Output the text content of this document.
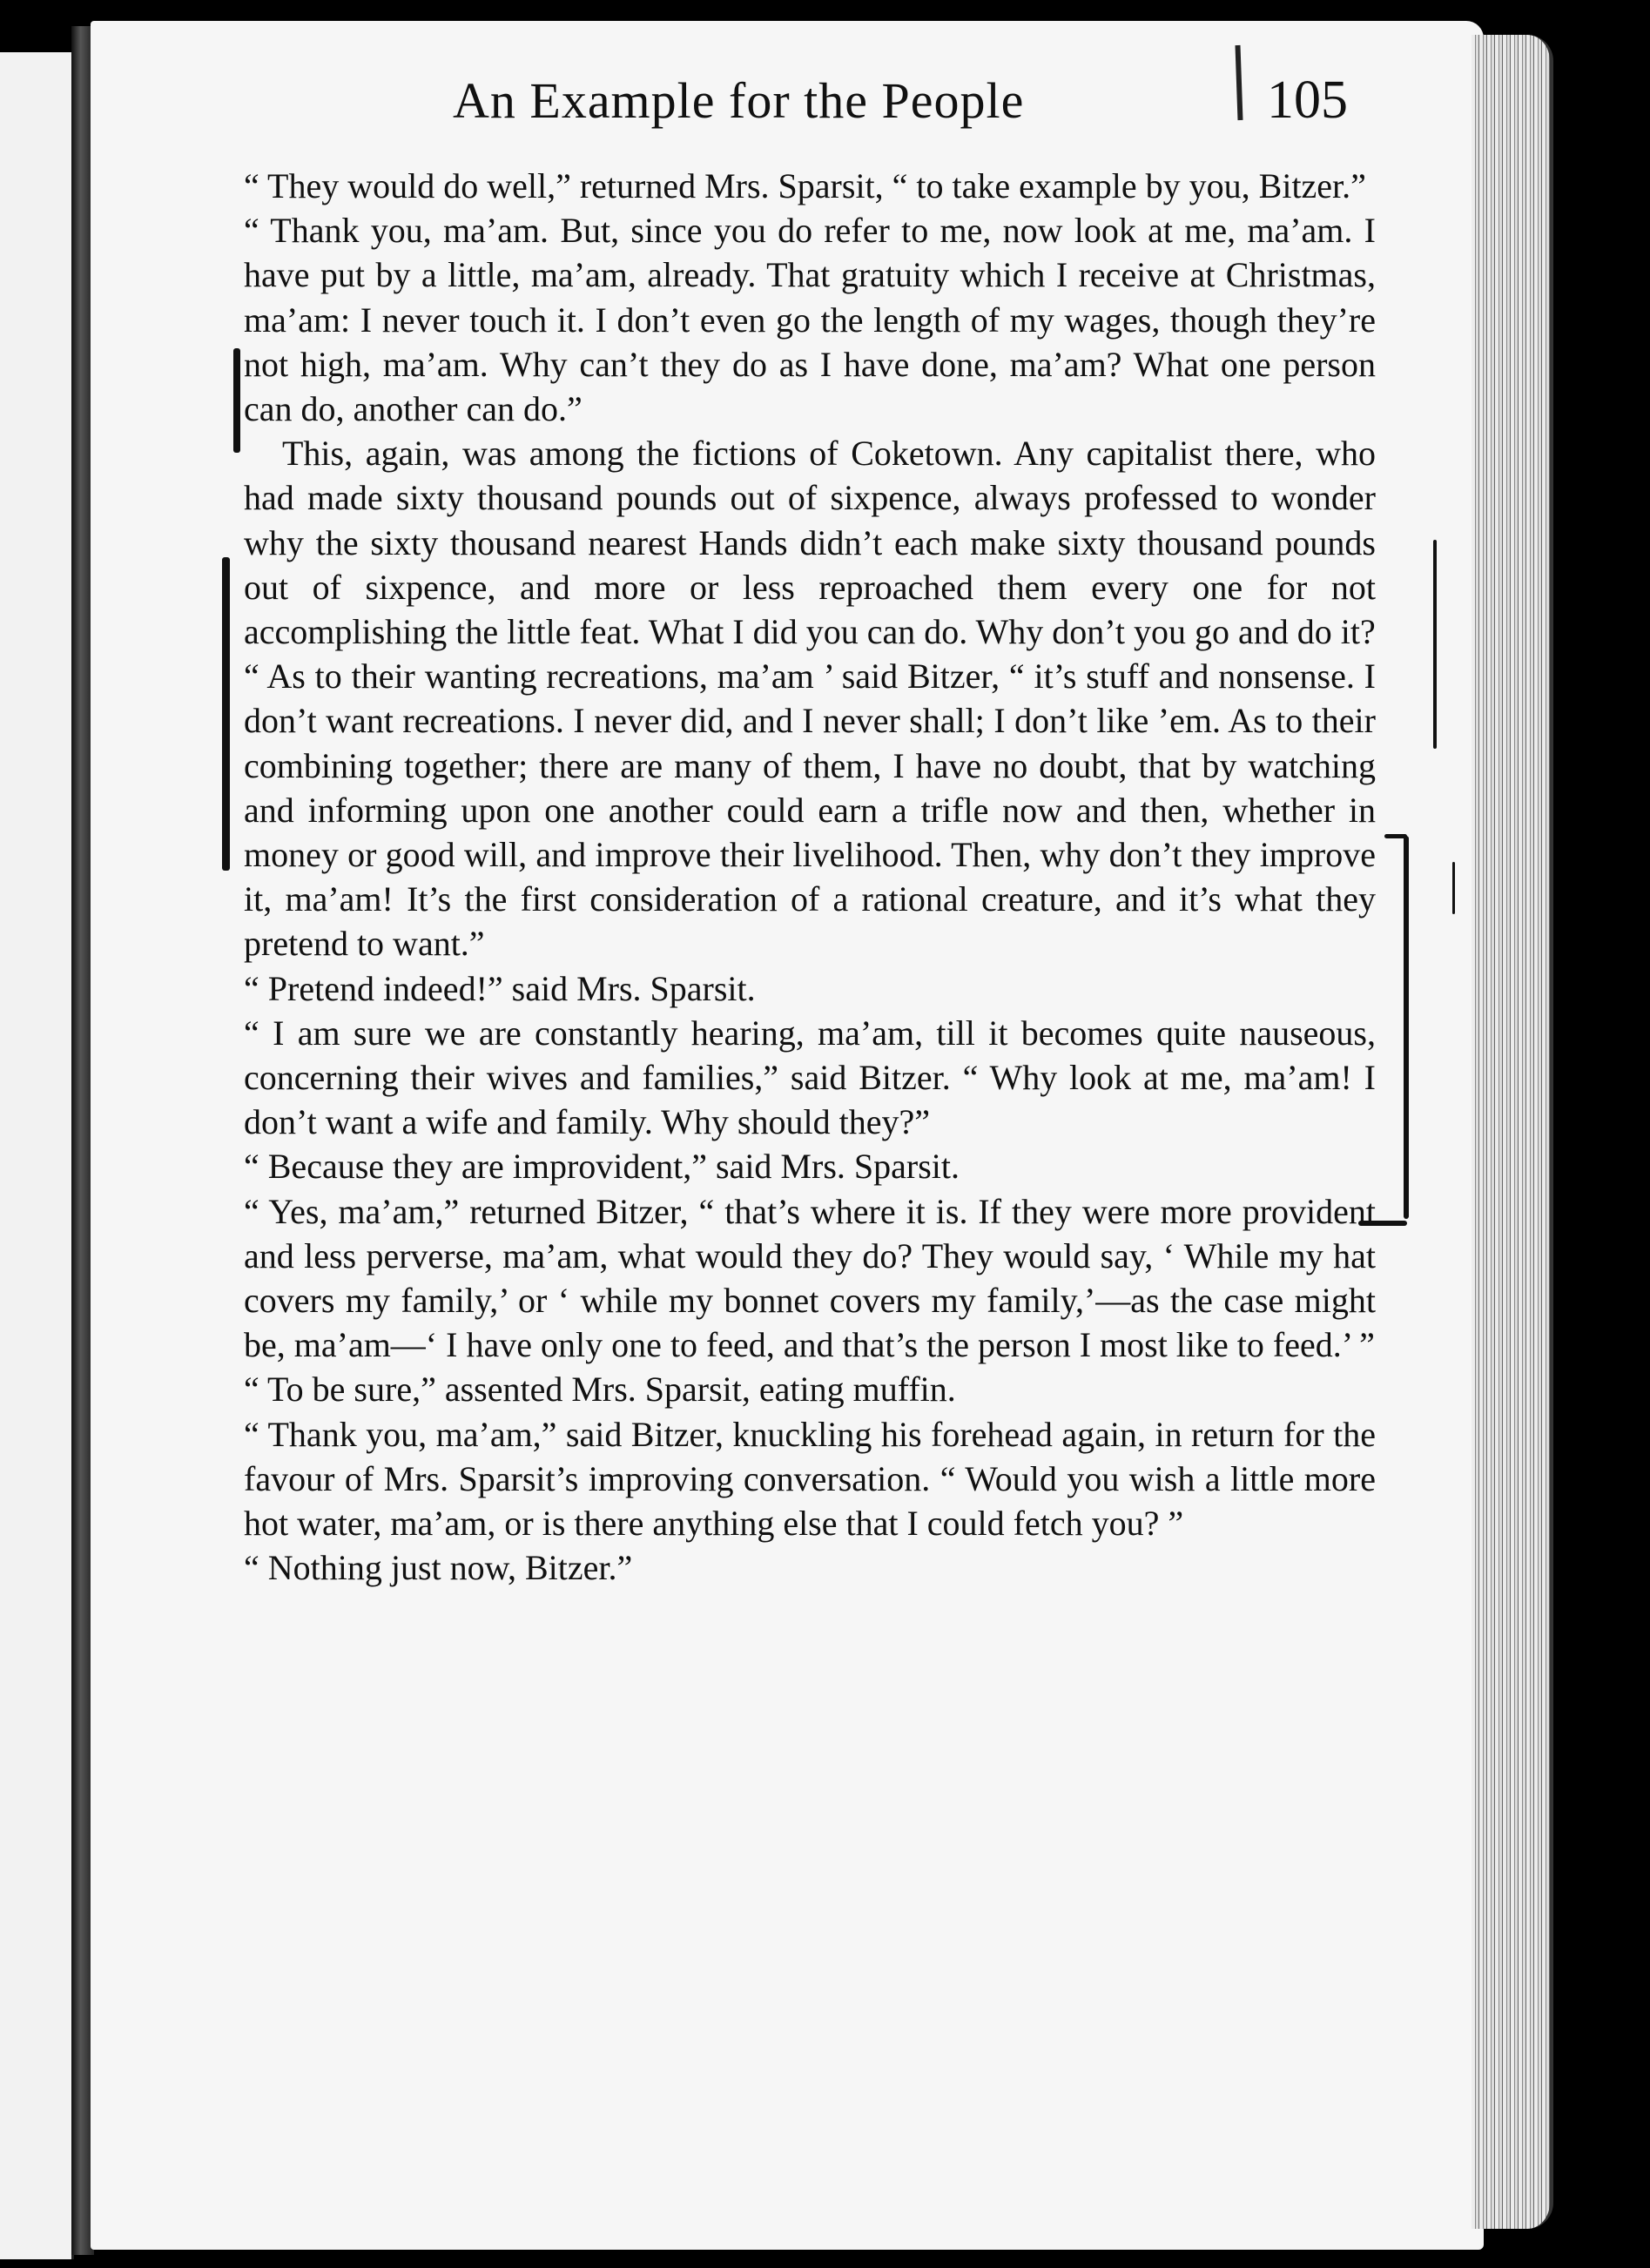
An Example for the People	105

“ They would do well,” returned Mrs. Sparsit, “ to take example by you, Bitzer.”

“ Thank you, ma’am. But, since you do refer to me, now look at me, ma’am. I have put by a little, ma’am, already. That gratuity which I receive at Christmas, ma’am: I never touch it. I don’t even go the length of my wages, though they’re not high, ma’am. Why can’t they do as I have done, ma’am? What one person can do, another can do.”

This, again, was among the fictions of Coketown. Any capitalist there, who had made sixty thousand pounds out of sixpence, always professed to wonder why the sixty thousand nearest Hands didn’t each make sixty thousand pounds out of sixpence, and more or less reproached them every one for not accomplishing the little feat. What I did you can do. Why don’t you go and do it?

“ As to their wanting recreations, ma’am ’ said Bitzer, “ it’s stuff and nonsense. I don’t want recreations. I never did, and I never shall; I don’t like ’em. As to their combining together; there are many of them, I have no doubt, that by watching and informing upon one another could earn a trifle now and then, whether in money or good will, and improve their livelihood. Then, why don’t they improve it, ma’am! It’s the first consideration of a rational creature, and it’s what they pretend to want.”

“ Pretend indeed!” said Mrs. Sparsit.

“ I am sure we are constantly hearing, ma’am, till it becomes quite nauseous, concerning their wives and families,” said Bitzer. “ Why look at me, ma’am! I don’t want a wife and family. Why should they?”

“ Because they are improvident,” said Mrs. Sparsit.

“ Yes, ma’am,” returned Bitzer, “ that’s where it is. If they were more provident and less perverse, ma’am, what would they do? They would say, ‘ While my hat covers my family,’ or ‘ while my bonnet covers my family,’—as the case might be, ma’am—‘ I have only one to feed, and that’s the person I most like to feed.’ ”

“ To be sure,” assented Mrs. Sparsit, eating muffin.

“ Thank you, ma’am,” said Bitzer, knuckling his forehead again, in return for the favour of Mrs. Sparsit’s improving conversation. “ Would you wish a little more hot water, ma’am, or is there anything else that I could fetch you? ”

“ Nothing just now, Bitzer.”
